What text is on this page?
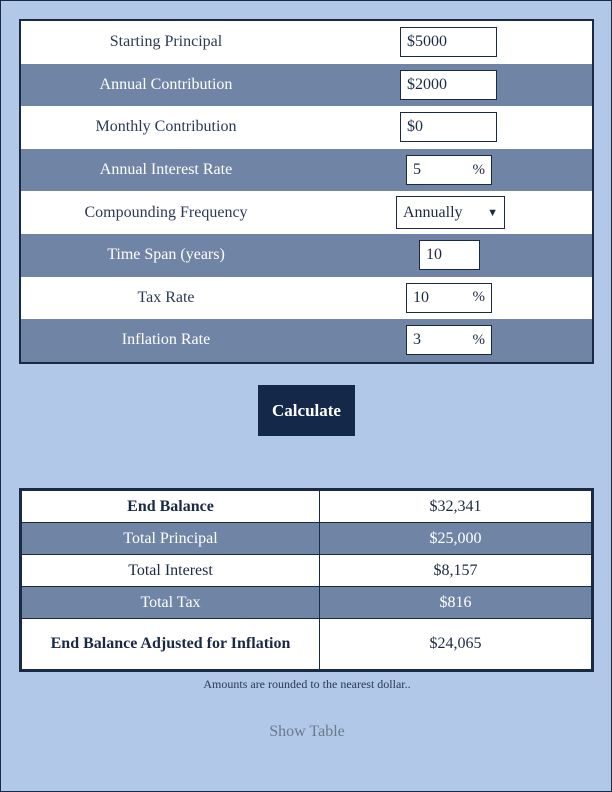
Starting Principal	$5000
Annual Contribution	$2000
Monthly Contribution	$0
Annual Interest Rate	5	%
Compounding Frequency	Annually	▼
Time Span (years)	10
Tax Rate	10	%
Inflation Rate	3	%
Calculate
End Balance	$32,341
Total Principal	$25,000
Total Interest	$8,157
Total Tax	$816
End Balance Adjusted for Inflation	$24,065
Amounts are rounded to the nearest dollar..
Show Table
